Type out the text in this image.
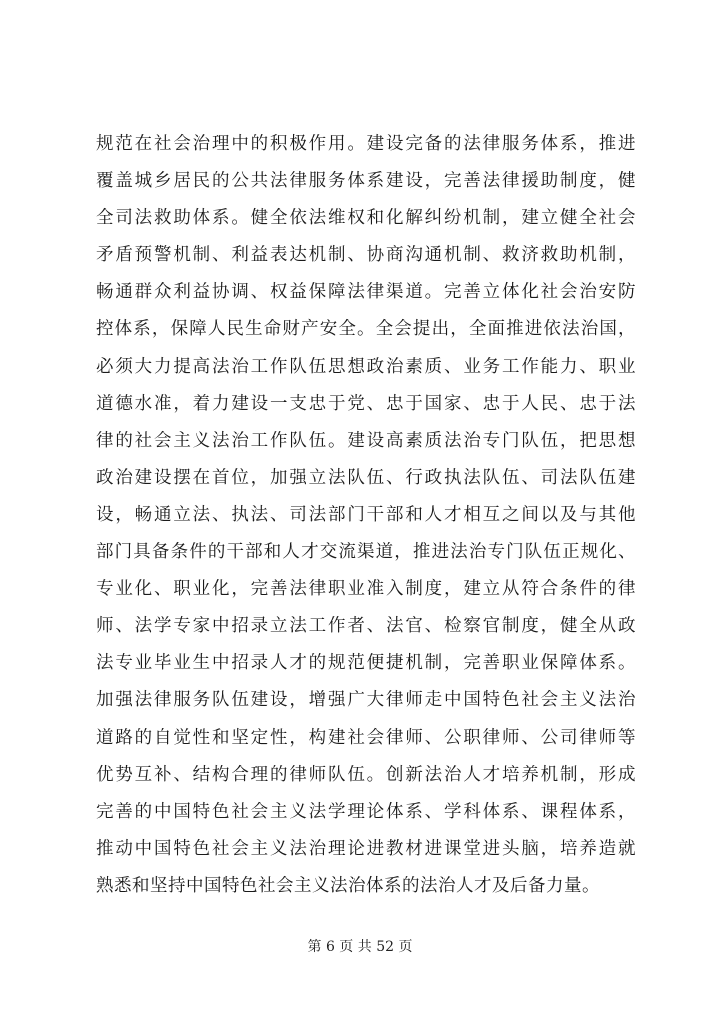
规范在社会治理中的积极作用。建设完备的法律服务体系，推进
覆盖城乡居民的公共法律服务体系建设，完善法律援助制度，健
全司法救助体系。健全依法维权和化解纠纷机制，建立健全社会
矛盾预警机制、利益表达机制、协商沟通机制、救济救助机制，
畅通群众利益协调、权益保障法律渠道。完善立体化社会治安防
控体系，保障人民生命财产安全。全会提出，全面推进依法治国，
必须大力提高法治工作队伍思想政治素质、业务工作能力、职业
道德水准，着力建设一支忠于党、忠于国家、忠于人民、忠于法
律的社会主义法治工作队伍。建设高素质法治专门队伍，把思想
政治建设摆在首位，加强立法队伍、行政执法队伍、司法队伍建
设，畅通立法、执法、司法部门干部和人才相互之间以及与其他
部门具备条件的干部和人才交流渠道，推进法治专门队伍正规化、
专业化、职业化，完善法律职业准入制度，建立从符合条件的律
师、法学专家中招录立法工作者、法官、检察官制度，健全从政
法专业毕业生中招录人才的规范便捷机制，完善职业保障体系。
加强法律服务队伍建设，增强广大律师走中国特色社会主义法治
道路的自觉性和坚定性，构建社会律师、公职律师、公司律师等
优势互补、结构合理的律师队伍。创新法治人才培养机制，形成
完善的中国特色社会主义法学理论体系、学科体系、课程体系，
推动中国特色社会主义法治理论进教材进课堂进头脑，培养造就
熟悉和坚持中国特色社会主义法治体系的法治人才及后备力量。
第 6 页 共 52 页
